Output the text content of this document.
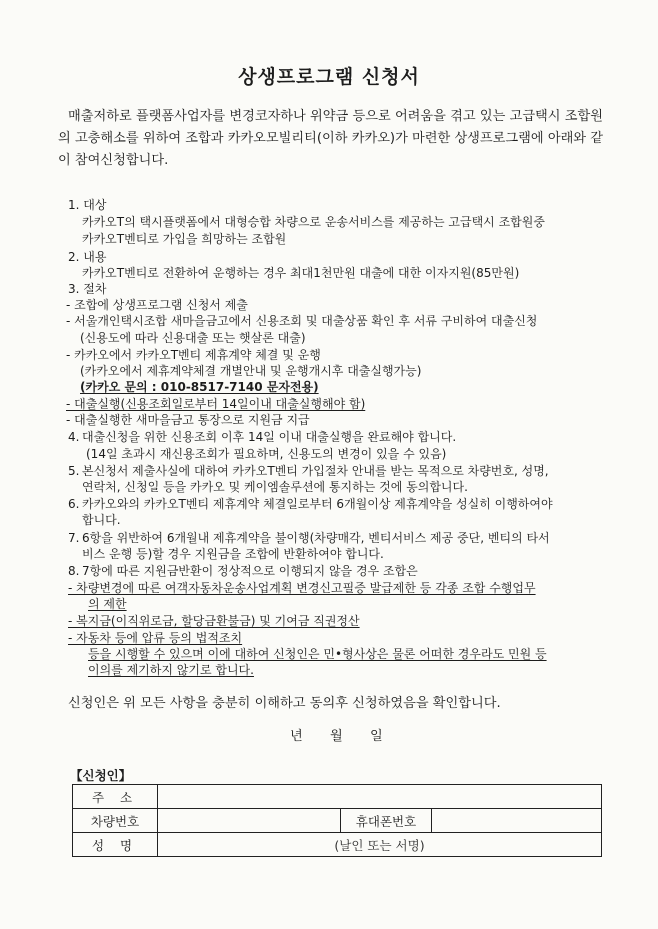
상생프로그램 신청서
매출저하로 플랫폼사업자를 변경코자하나 위약금 등으로 어려움을 겪고 있는 고급택시 조합원의 고충해소를 위하여 조합과 카카오모빌리티(이하 카카오)가 마련한 상생프로그램에 아래와 같이 참여신청합니다.
1. 대상
카카오T의 택시플랫폼에서 대형승합 차량으로 운송서비스를 제공하는 고급택시 조합원중
카카오T벤티로 가입을 희망하는 조합원
2. 내용
카카오T벤티로 전환하여 운행하는 경우 최대1천만원 대출에 대한 이자지원(85만원)
3. 절차
- 조합에 상생프로그램 신청서 제출
- 서울개인택시조합 새마을금고에서 신용조회 및 대출상품 확인 후 서류 구비하여 대출신청
(신용도에 따라 신용대출 또는 햇살론 대출)
- 카카오에서 카카오T벤티 제휴계약 체결 및 운행
(카카오에서 제휴계약체결 개별안내 및 운행개시후 대출실행가능)
(카카오 문의 : 010-8517-7140 문자전용)
- 대출실행(신용조회일로부터 14일이내 대출실행해야 함)
- 대출실행한 새마을금고 통장으로 지원금 지급
4. 대출신청을 위한 신용조회 이후 14일 이내 대출실행을 완료해야 합니다.
(14일 초과시 재신용조회가 필요하며, 신용도의 변경이 있을 수 있음)
5. 본신청서 제출사실에 대하여 카카오T벤티 가입절차 안내를 받는 목적으로 차량번호, 성명,
연락처, 신청일 등을 카카오 및 케이엠솔루션에 통지하는 것에 동의합니다.
6. 카카오와의 카카오T벤티 제휴계약 체결일로부터 6개월이상 제휴계약을 성실히 이행하여야
합니다.
7. 6항을 위반하여 6개월내 제휴계약을 불이행(차량매각, 벤티서비스 제공 중단, 벤티의 타서
비스 운행 등)할 경우 지원금을 조합에 반환하여야 합니다.
8. 7항에 따른 지원금반환이 정상적으로 이행되지 않을 경우 조합은
- 차량변경에 따른 여객자동차운송사업계획 변경신고필증 발급제한 등 각종 조합 수행업무
의 제한
- 복지금(이직위로금, 할당금환불금) 및 기여금 직권정산
- 자동차 등에 압류 등의 법적조치
등을 시행할 수 있으며 이에 대하여 신청인은 민•형사상은 물론 어떠한 경우라도 민원 등
이의를 제기하지 않기로 합니다.
신청인은 위 모든 사항을 충분히 이해하고 동의후 신청하였음을 확인합니다.
년 월 일
【신청인】
주 소			
차량번호		휴대폰번호	
성 명	(날인 또는 서명)		
